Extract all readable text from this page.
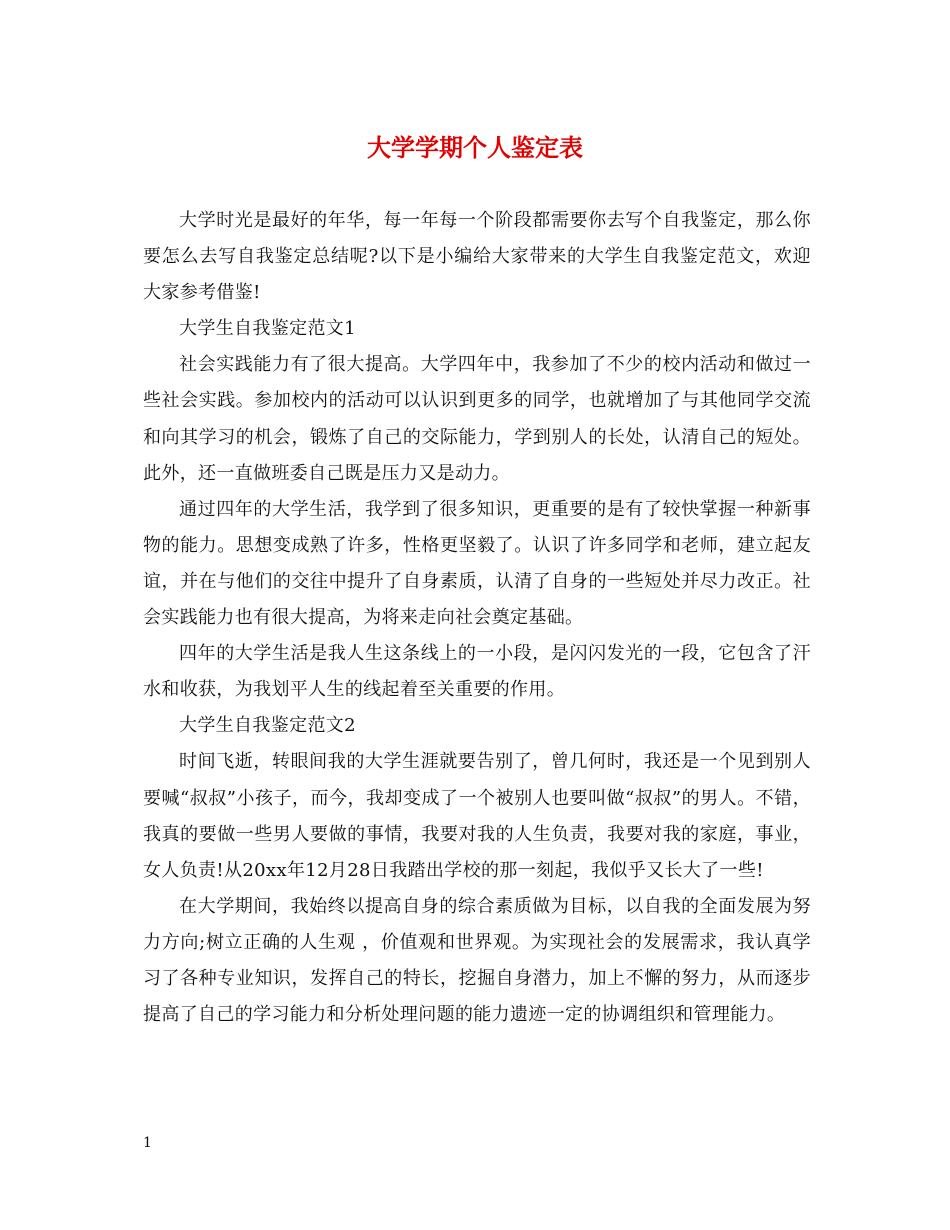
大学学期个人鉴定表

大学时光是最好的年华，每一年每一个阶段都需要你去写个自我鉴定，那么你要怎么去写自我鉴定总结呢?以下是小编给大家带来的大学生自我鉴定范文，欢迎大家参考借鉴!

大学生自我鉴定范文1

社会实践能力有了很大提高。大学四年中，我参加了不少的校内活动和做过一些社会实践。参加校内的活动可以认识到更多的同学，也就增加了与其他同学交流和向其学习的机会，锻炼了自己的交际能力，学到别人的长处，认清自己的短处。此外，还一直做班委自己既是压力又是动力。

通过四年的大学生活，我学到了很多知识，更重要的是有了较快掌握一种新事物的能力。思想变成熟了许多，性格更坚毅了。认识了许多同学和老师，建立起友谊，并在与他们的交往中提升了自身素质，认清了自身的一些短处并尽力改正。社会实践能力也有很大提高，为将来走向社会奠定基础。

四年的大学生活是我人生这条线上的一小段，是闪闪发光的一段，它包含了汗水和收获，为我划平人生的线起着至关重要的作用。

大学生自我鉴定范文2

时间飞逝，转眼间我的大学生涯就要告别了，曾几何时，我还是一个见到别人要喊“叔叔”小孩子，而今，我却变成了一个被别人也要叫做“叔叔”的男人。不错，我真的要做一些男人要做的事情，我要对我的人生负责，我要对我的家庭，事业，女人负责!从20xx年12月28日我踏出学校的那一刻起，我似乎又长大了一些!

在大学期间，我始终以提高自身的综合素质做为目标，以自我的全面发展为努力方向;树立正确的人生观 ，价值观和世界观。为实现社会的发展需求，我认真学习了各种专业知识，发挥自己的特长，挖掘自身潜力，加上不懈的努力，从而逐步提高了自己的学习能力和分析处理问题的能力遗迹一定的协调组织和管理能力。

1
